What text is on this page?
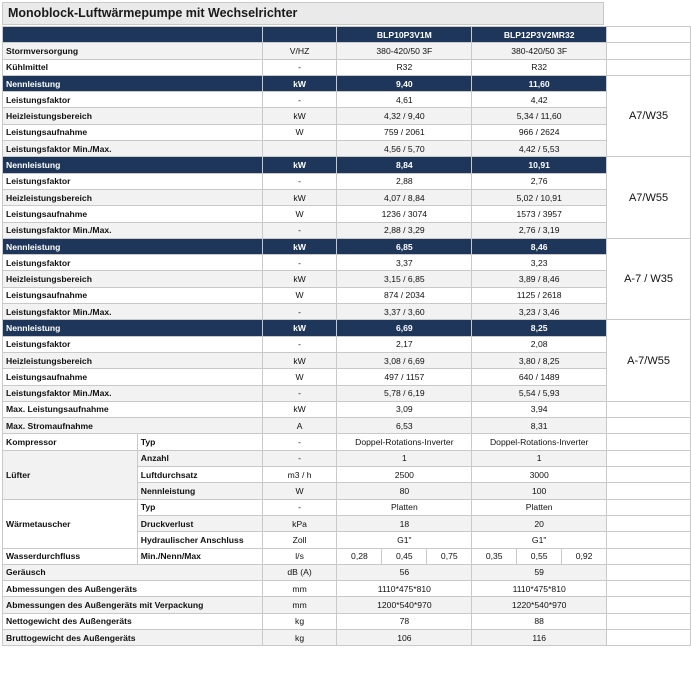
Monoblock-Luftwärmepumpe mit Wechselrichter
			BLP10P3V1M			BLP12P3V2MR32			
Stormversorgung		V/HZ	380-420/50 3F			380-420/50 3F			
Kühlmittel		-	R32			R32			
Nennleistung		kW	9,40			11,60			A7/W35
Leistungsfaktor		-	4,61			4,42			
Heizleistungsbereich		kW	4,32 / 9,40			5,34 / 11,60			
Leistungsaufnahme		W	759 / 2061			966 / 2624			
Leistungsfaktor Min./Max.			4,56 / 5,70			4,42 / 5,53			
Nennleistung		kW	8,84			10,91			A7/W55
Leistungsfaktor		-	2,88			2,76			
Heizleistungsbereich		kW	4,07 / 8,84			5,02 / 10,91			
Leistungsaufnahme		W	1236 / 3074			1573 / 3957			
Leistungsfaktor Min./Max.		-	2,88 / 3,29			2,76 / 3,19			
Nennleistung		kW	6,85			8,46			A-7 / W35
Leistungsfaktor		-	3,37			3,23			
Heizleistungsbereich		kW	3,15 / 6,85			3,89 / 8,46			
Leistungsaufnahme		W	874 / 2034			1125 / 2618			
Leistungsfaktor Min./Max.		-	3,37 / 3,60			3,23 / 3,46			
Nennleistung		kW	6,69			8,25			A-7/W55
Leistungsfaktor		-	2,17			2,08			
Heizleistungsbereich		kW	3,08 / 6,69			3,80 / 8,25			
Leistungsaufnahme		W	497 / 1157			640 / 1489			
Leistungsfaktor Min./Max.		-	5,78 / 6,19			5,54 / 5,93			
Max. Leistungsaufnahme		kW	3,09			3,94			
Max. Stromaufnahme		A	6,53			8,31			
Kompressor	Typ	-	Doppel-Rotations-Inverter			Doppel-Rotations-Inverter			
Lüfter	Anzahl	-	1			1			
	Luftdurchsatz	m3 / h	2500			3000			
	Nennleistung	W	80			100			
Wärmetauscher	Typ	-	Platten			Platten			
	Druckverlust	kPa	18			20			
	Hydraulischer Anschluss	Zoll	G1"			G1"			
Wasserdurchfluss	Min./Nenn/Max	l/s	0,28	0,45	0,75	0,35	0,55	0,92	
Geräusch		dB (A)	56			59			
Abmessungen des Außengeräts		mm	1110*475*810			1110*475*810			
Abmessungen des Außengeräts mit Verpackung		mm	1200*540*970			1220*540*970			
Nettogewicht des Außengeräts		kg	78			88			
Bruttogewicht des Außengeräts		kg	106			116			
